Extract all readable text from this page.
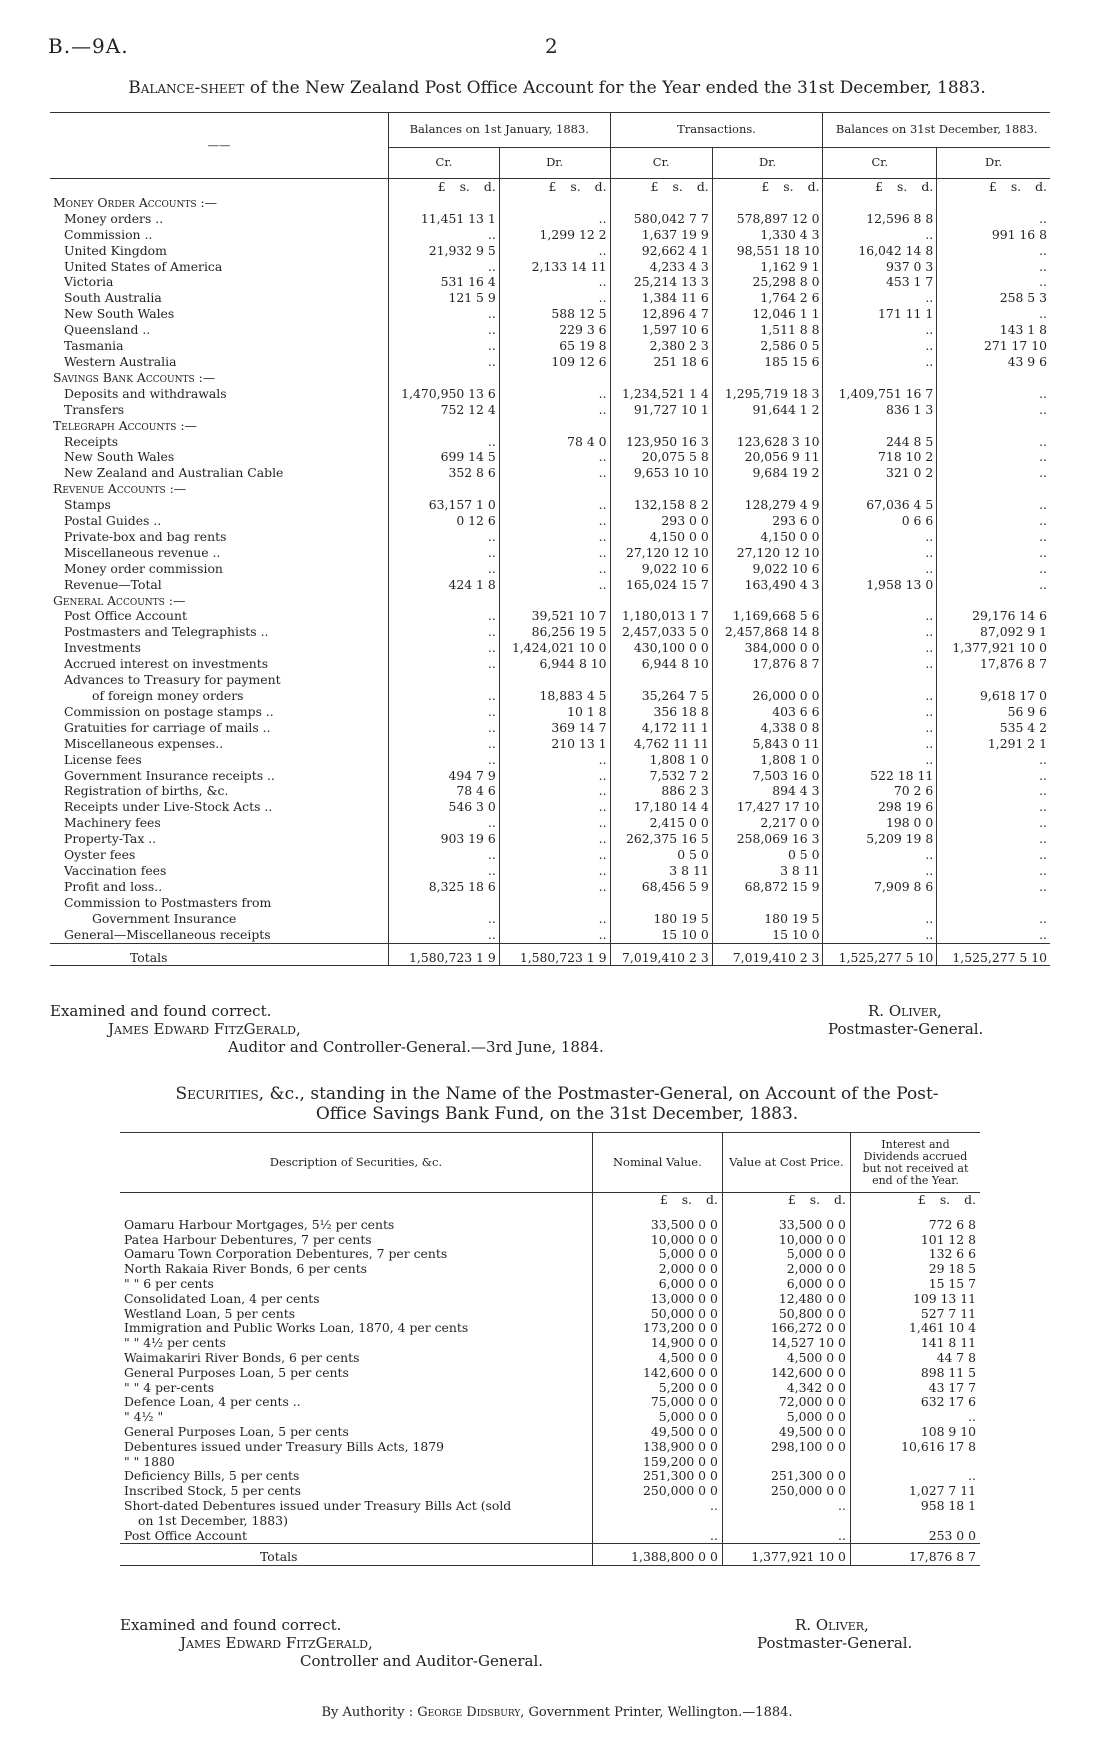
B.—9A.	2
Balance-sheet of the New Zealand Post Office Account for the Year ended the 31st December, 1883.
——	Balances on 1st January, 1883.		Transactions.		Balances on 31st December, 1883.	
	Cr.	Dr.	Cr.	Dr.	Cr.	Dr.
	£ s. d.	£ s. d.	£ s. d.	£ s. d.	£ s. d.	£ s. d.
Money Order Accounts :—						
Money orders ..	11,451 13 1	..	580,042 7 7	578,897 12 0	12,596 8 8	..
Commission ..	..	1,299 12 2	1,637 19 9	1,330 4 3	..	991 16 8
United Kingdom	21,932 9 5	..	92,662 4 1	98,551 18 10	16,042 14 8	..
United States of America	..	2,133 14 11	4,233 4 3	1,162 9 1	937 0 3	..
Victoria	531 16 4	..	25,214 13 3	25,298 8 0	453 1 7	..
South Australia	121 5 9	..	1,384 11 6	1,764 2 6	..	258 5 3
New South Wales	..	588 12 5	12,896 4 7	12,046 1 1	171 11 1	..
Queensland ..	..	229 3 6	1,597 10 6	1,511 8 8	..	143 1 8
Tasmania	..	65 19 8	2,380 2 3	2,586 0 5	..	271 17 10
Western Australia	..	109 12 6	251 18 6	185 15 6	..	43 9 6
Savings Bank Accounts :—						
Deposits and withdrawals	1,470,950 13 6	..	1,234,521 1 4	1,295,719 18 3	1,409,751 16 7	..
Transfers	752 12 4	..	91,727 10 1	91,644 1 2	836 1 3	..
Telegraph Accounts :—						
Receipts	..	78 4 0	123,950 16 3	123,628 3 10	244 8 5	..
New South Wales	699 14 5	..	20,075 5 8	20,056 9 11	718 10 2	..
New Zealand and Australian Cable	352 8 6	..	9,653 10 10	9,684 19 2	321 0 2	..
Revenue Accounts :—						
Stamps	63,157 1 0	..	132,158 8 2	128,279 4 9	67,036 4 5	..
Postal Guides ..	0 12 6	..	293 0 0	293 6 0	0 6 6	..
Private-box and bag rents	..	..	4,150 0 0	4,150 0 0	..	..
Miscellaneous revenue ..	..	..	27,120 12 10	27,120 12 10	..	..
Money order commission	..	..	9,022 10 6	9,022 10 6	..	..
Revenue—Total	424 1 8	..	165,024 15 7	163,490 4 3	1,958 13 0	..
General Accounts :—						
Post Office Account	..	39,521 10 7	1,180,013 1 7	1,169,668 5 6	..	29,176 14 6
Postmasters and Telegraphists ..	..	86,256 19 5	2,457,033 5 0	2,457,868 14 8	..	87,092 9 1
Investments	..	1,424,021 10 0	430,100 0 0	384,000 0 0	..	1,377,921 10 0
Accrued interest on investments	..	6,944 8 10	6,944 8 10	17,876 8 7	..	17,876 8 7
Advances to Treasury for payment
of foreign money orders	..	18,883 4 5	35,264 7 5	26,000 0 0	..	9,618 17 0
Commission on postage stamps ..	..	10 1 8	356 18 8	403 6 6	..	56 9 6
Gratuities for carriage of mails ..	..	369 14 7	4,172 11 1	4,338 0 8	..	535 4 2
Miscellaneous expenses..	..	210 13 1	4,762 11 11	5,843 0 11	..	1,291 2 1
License fees	..	..	1,808 1 0	1,808 1 0	..	..
Government Insurance receipts ..	494 7 9	..	7,532 7 2	7,503 16 0	522 18 11	..
Registration of births, &c.	78 4 6	..	886 2 3	894 4 3	70 2 6	..
Receipts under Live-Stock Acts ..	546 3 0	..	17,180 14 4	17,427 17 10	298 19 6	..
Machinery fees	..	..	2,415 0 0	2,217 0 0	198 0 0	..
Property-Tax ..	903 19 6	..	262,375 16 5	258,069 16 3	5,209 19 8	..
Oyster fees	..	..	0 5 0	0 5 0	..	..
Vaccination fees	..	..	3 8 11	3 8 11	..	..
Profit and loss..	8,325 18 6	..	68,456 5 9	68,872 15 9	7,909 8 6	..
Commission to Postmasters from
Government Insurance	..	..	180 19 5	180 19 5	..	..
General—Miscellaneous receipts	..	..	15 10 0	15 10 0	..	..
Totals	1,580,723 1 9	1,580,723 1 9	7,019,410 2 3	7,019,410 2 3	1,525,277 5 10	1,525,277 5 10
Examined and found correct.
James Edward FitzGerald,
Auditor and Controller-General.—3rd June, 1884.
R. Oliver,
Postmaster-General.
Securities, &c., standing in the Name of the Postmaster-General, on Account of the Post-
Office Savings Bank Fund, on the 31st December, 1883.
Description of Securities, &c.	Nominal Value.	Value at Cost Price.	Interest and Dividends accrued but not received at end of the Year.
	£ s. d.	£ s. d.	£ s. d.

Oamaru Harbour Mortgages, 5½ per cents	33,500 0 0	33,500 0 0	772 6 8
Patea Harbour Debentures, 7 per cents	10,000 0 0	10,000 0 0	101 12 8
Oamaru Town Corporation Debentures, 7 per cents	5,000 0 0	5,000 0 0	132 6 6
North Rakaia River Bonds, 6 per cents	2,000 0 0	2,000 0 0	29 18 5
" " 6 per cents	6,000 0 0	6,000 0 0	15 15 7
Consolidated Loan, 4 per cents	13,000 0 0	12,480 0 0	109 13 11
Westland Loan, 5 per cents	50,000 0 0	50,800 0 0	527 7 11
Immigration and Public Works Loan, 1870, 4 per cents	173,200 0 0	166,272 0 0	1,461 10 4
" " 4½ per cents	14,900 0 0	14,527 10 0	141 8 11
Waimakariri River Bonds, 6 per cents	4,500 0 0	4,500 0 0	44 7 8
General Purposes Loan, 5 per cents	142,600 0 0	142,600 0 0	898 11 5
" " 4 per-cents	5,200 0 0	4,342 0 0	43 17 7
Defence Loan, 4 per cents ..	75,000 0 0	72,000 0 0	632 17 6
" 4½ "	5,000 0 0	5,000 0 0	..
General Purposes Loan, 5 per cents	49,500 0 0	49,500 0 0	108 9 10
Debentures issued under Treasury Bills Acts, 1879	138,900 0 0	298,100 0 0	10,616 17 8
" " 1880	159,200 0 0		
Deficiency Bills, 5 per cents	251,300 0 0	251,300 0 0	..
Inscribed Stock, 5 per cents	250,000 0 0	250,000 0 0	1,027 7 11
Short-dated Debentures issued under Treasury Bills Act (sold
on 1st December, 1883)	..	..	958 18 1
Post Office Account	..	..	253 0 0
Totals	1,388,800 0 0	1,377,921 10 0	17,876 8 7
Examined and found correct.
James Edward FitzGerald,
Controller and Auditor-General.
R. Oliver,
Postmaster-General.
By Authority : George Didsbury, Government Printer, Wellington.—1884.
